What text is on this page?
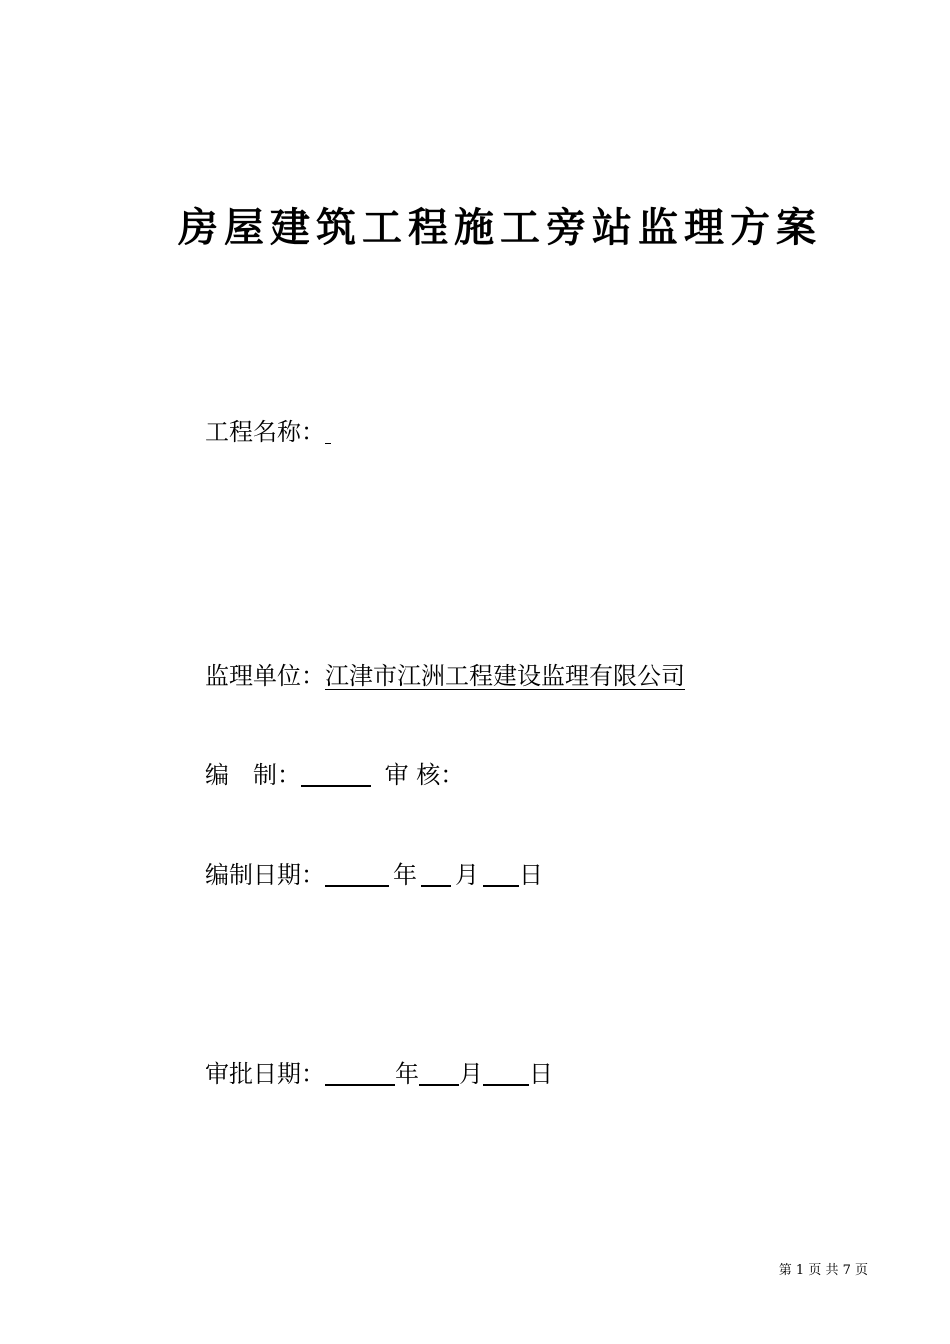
房屋建筑工程施工旁站监理方案
工程名称：
监理单位：江津市江洲工程建设监理有限公司
编　制：	审 核：
编制日期：	年 月 日
审批日期：	年 月 日
第 1 页 共 7 页
